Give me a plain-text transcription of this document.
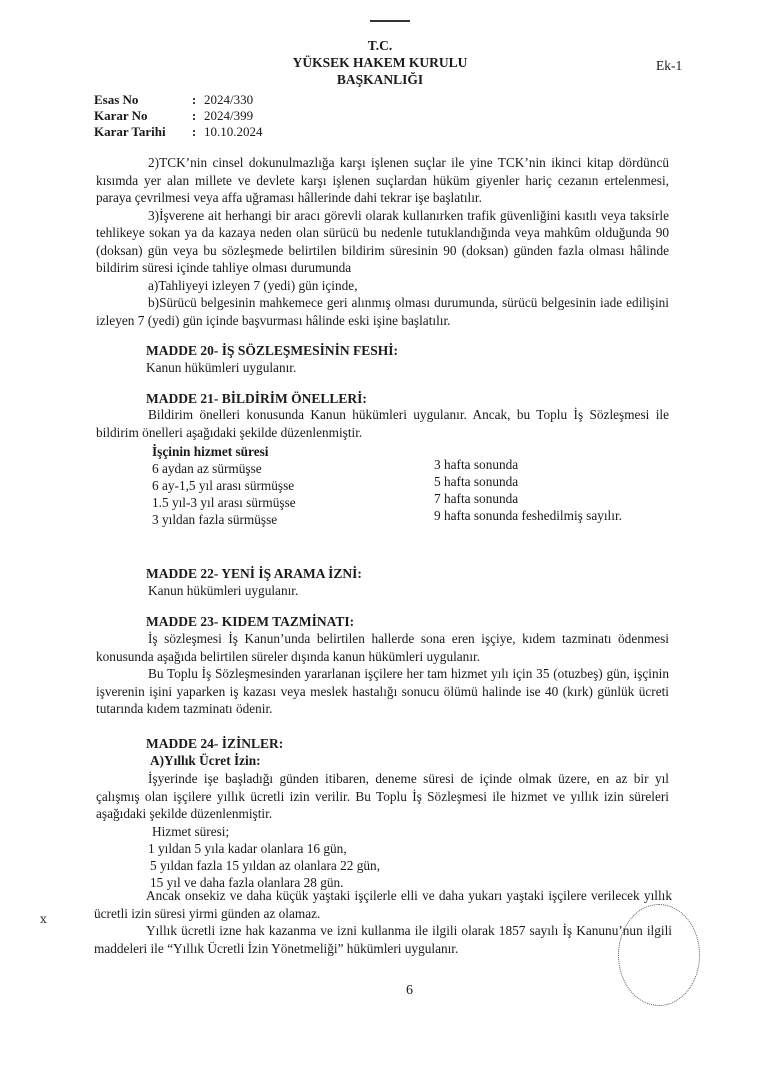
T.C.
YÜKSEK HAKEM KURULU
BAŞKANLIĞI
Ek-1
Esas No	: 2024/330
Karar No	: 2024/399
Karar Tarihi : 10.10.2024

2)TCK’nin cinsel dokunulmazlığa karşı işlenen suçlar ile yine TCK’nin ikinci kitap dördüncü kısımda yer alan millete ve devlete karşı işlenen suçlardan hüküm giyenler hariç cezanın ertelenmesi, paraya çevrilmesi veya affa uğraması hâllerinde dahi tekrar işe başlatılır.

3)İşverene ait herhangi bir aracı görevli olarak kullanırken trafik güvenliğini kasıtlı veya taksirle tehlikeye sokan ya da kazaya neden olan sürücü bu nedenle tutuklandığında veya mahkûm olduğunda 90 (doksan) gün veya bu sözleşmede belirtilen bildirim süresinin 90 (doksan) günden fazla olması hâlinde bildirim süresi içinde tahliye olması durumunda

a)Tahliyeyi izleyen 7 (yedi) gün içinde,

b)Sürücü belgesinin mahkemece geri alınmış olması durumunda, sürücü belgesinin iade edilişini izleyen 7 (yedi) gün içinde başvurması hâlinde eski işine başlatılır.

MADDE 20- İŞ SÖZLEŞMESİNİN FESHİ:
Kanun hükümleri uygulanır.
MADDE 21- BİLDİRİM ÖNELLERİ:

Bildirim önelleri konusunda Kanun hükümleri uygulanır. Ancak, bu Toplu İş Sözleşmesi ile bildirim önelleri aşağıdaki şekilde düzenlenmiştir.

İşçinin hizmet süresi
6 aydan az sürmüşse	3 hafta sonunda
6 ay-1,5 yıl arası sürmüşse	5 hafta sonunda
1.5 yıl-3 yıl arası sürmüşse	7 hafta sonunda
3 yıldan fazla sürmüşse	9 hafta sonunda feshedilmiş sayılır.
MADDE 22- YENİ İŞ ARAMA İZNİ:
Kanun hükümleri uygulanır.
MADDE 23- KIDEM TAZMİNATI:

İş sözleşmesi İş Kanun’unda belirtilen hallerde sona eren işçiye, kıdem tazminatı ödenmesi konusunda aşağıda belirtilen süreler dışında kanun hükümleri uygulanır.

Bu Toplu İş Sözleşmesinden yararlanan işçilere her tam hizmet yılı için 35 (otuzbeş) gün, işçinin işverenin işini yaparken iş kazası veya meslek hastalığı sonucu ölümü halinde ise 40 (kırk) günlük ücreti tutarında kıdem tazminatı ödenir.

MADDE 24- İZİNLER:
A)Yıllık Ücret İzin:

İşyerinde işe başladığı günden itibaren, deneme süresi de içinde olmak üzere, en az bir yıl çalışmış olan işçilere yıllık ücretli izin verilir. Bu Toplu İş Sözleşmesi ile hizmet ve yıllık izin süreleri aşağıdaki şekilde düzenlenmiştir.

Hizmet süresi;
1 yıldan 5 yıla kadar olanlara 16 gün,
5 yıldan fazla 15 yıldan az olanlara 22 gün,
15 yıl ve daha fazla olanlara 28 gün.

Ancak onsekiz ve daha küçük yaştaki işçilerle elli ve daha yukarı yaştaki işçilere verilecek yıllık ücretli izin süresi yirmi günden az olamaz.

Yıllık ücretli izne hak kazanma ve izni kullanma ile ilgili olarak 1857 sayılı İş Kanunu’nun ilgili maddeleri ile “Yıllık Ücretli İzin Yönetmeliği” hükümleri uygulanır.

ⅹ
6
